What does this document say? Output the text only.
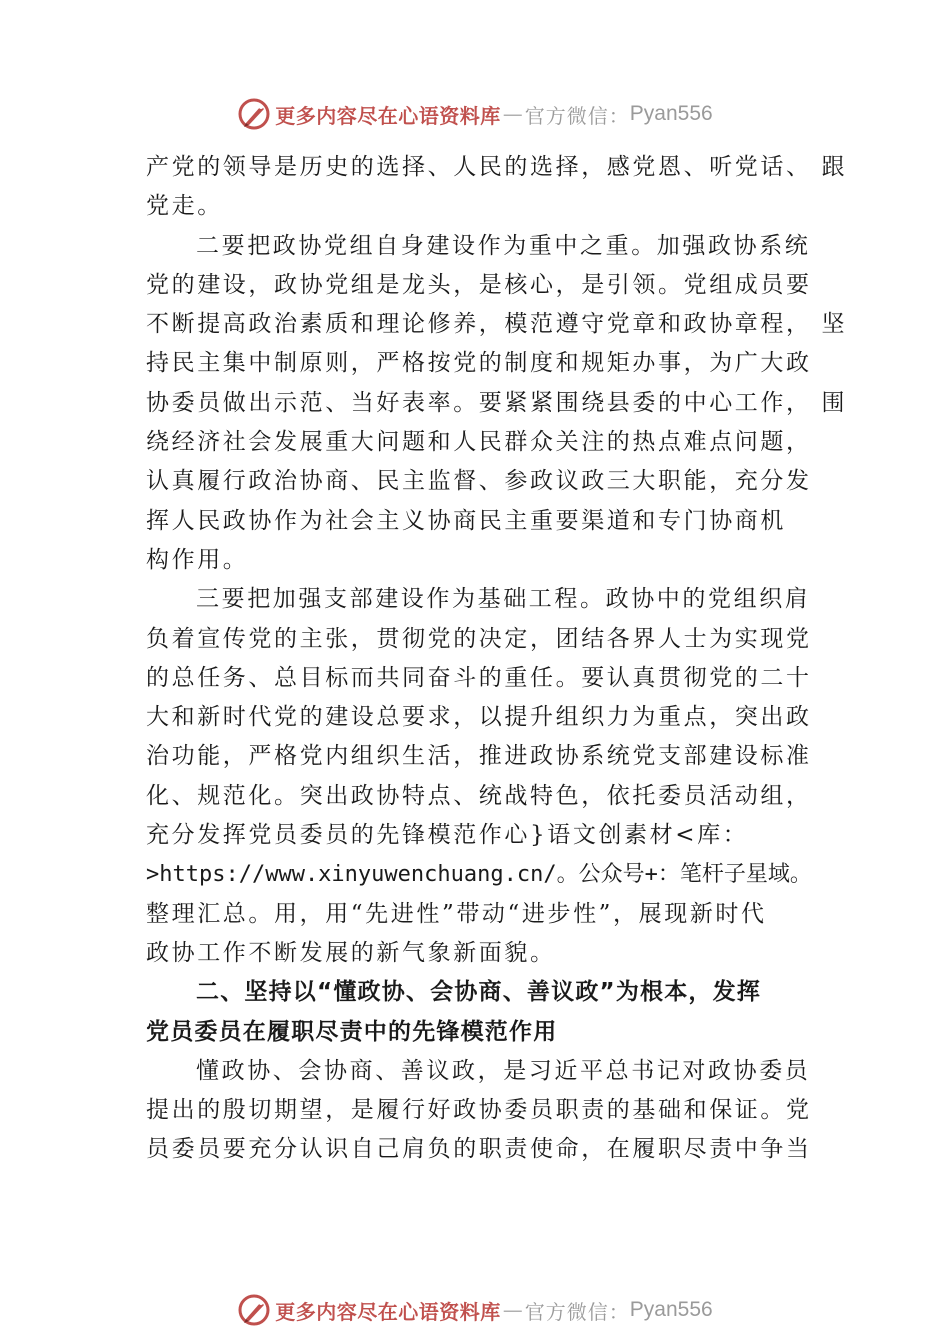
更多内容尽在心语资料库 — 官方微信： Pyan556
产党的领导是历史的选择、人民的选择，感党恩、听党话、 跟
党走。
二要把政协党组自身建设作为重中之重。加强政协系统
党的建设，政协党组是龙头，是核心，是引领。党组成员要
不断提高政治素质和理论修养，模范遵守党章和政协章程， 坚
持民主集中制原则，严格按党的制度和规矩办事，为广大政
协委员做出示范、当好表率。要紧紧围绕县委的中心工作， 围
绕经济社会发展重大问题和人民群众关注的热点难点问题，
认真履行政治协商、民主监督、参政议政三大职能，充分发
挥人民政协作为社会主义协商民主重要渠道和专门协商机
构作用。
三要把加强支部建设作为基础工程。政协中的党组织肩
负着宣传党的主张，贯彻党的决定，团结各界人士为实现党
的总任务、总目标而共同奋斗的重任。要认真贯彻党的二十
大和新时代党的建设总要求，以提升组织力为重点，突出政
治功能，严格党内组织生活，推进政协系统党支部建设标准
化、规范化。突出政协特点、统战特色，依托委员活动组，
充分发挥党员委员的先锋模范作心}语文创素材<库：
>https://www.xinyuwenchuang.cn/。公众号+：笔杆子星域。
整理汇总。用，用“先进性”带动“进步性”，展现新时代
政协工作不断发展的新气象新面貌。
二、坚持以“懂政协、会协商、善议政”为根本，发挥
党员委员在履职尽责中的先锋模范作用
懂政协、会协商、善议政，是习近平总书记对政协委员
提出的殷切期望，是履行好政协委员职责的基础和保证。党
员委员要充分认识自己肩负的职责使命，在履职尽责中争当
更多内容尽在心语资料库 — 官方微信： Pyan556
